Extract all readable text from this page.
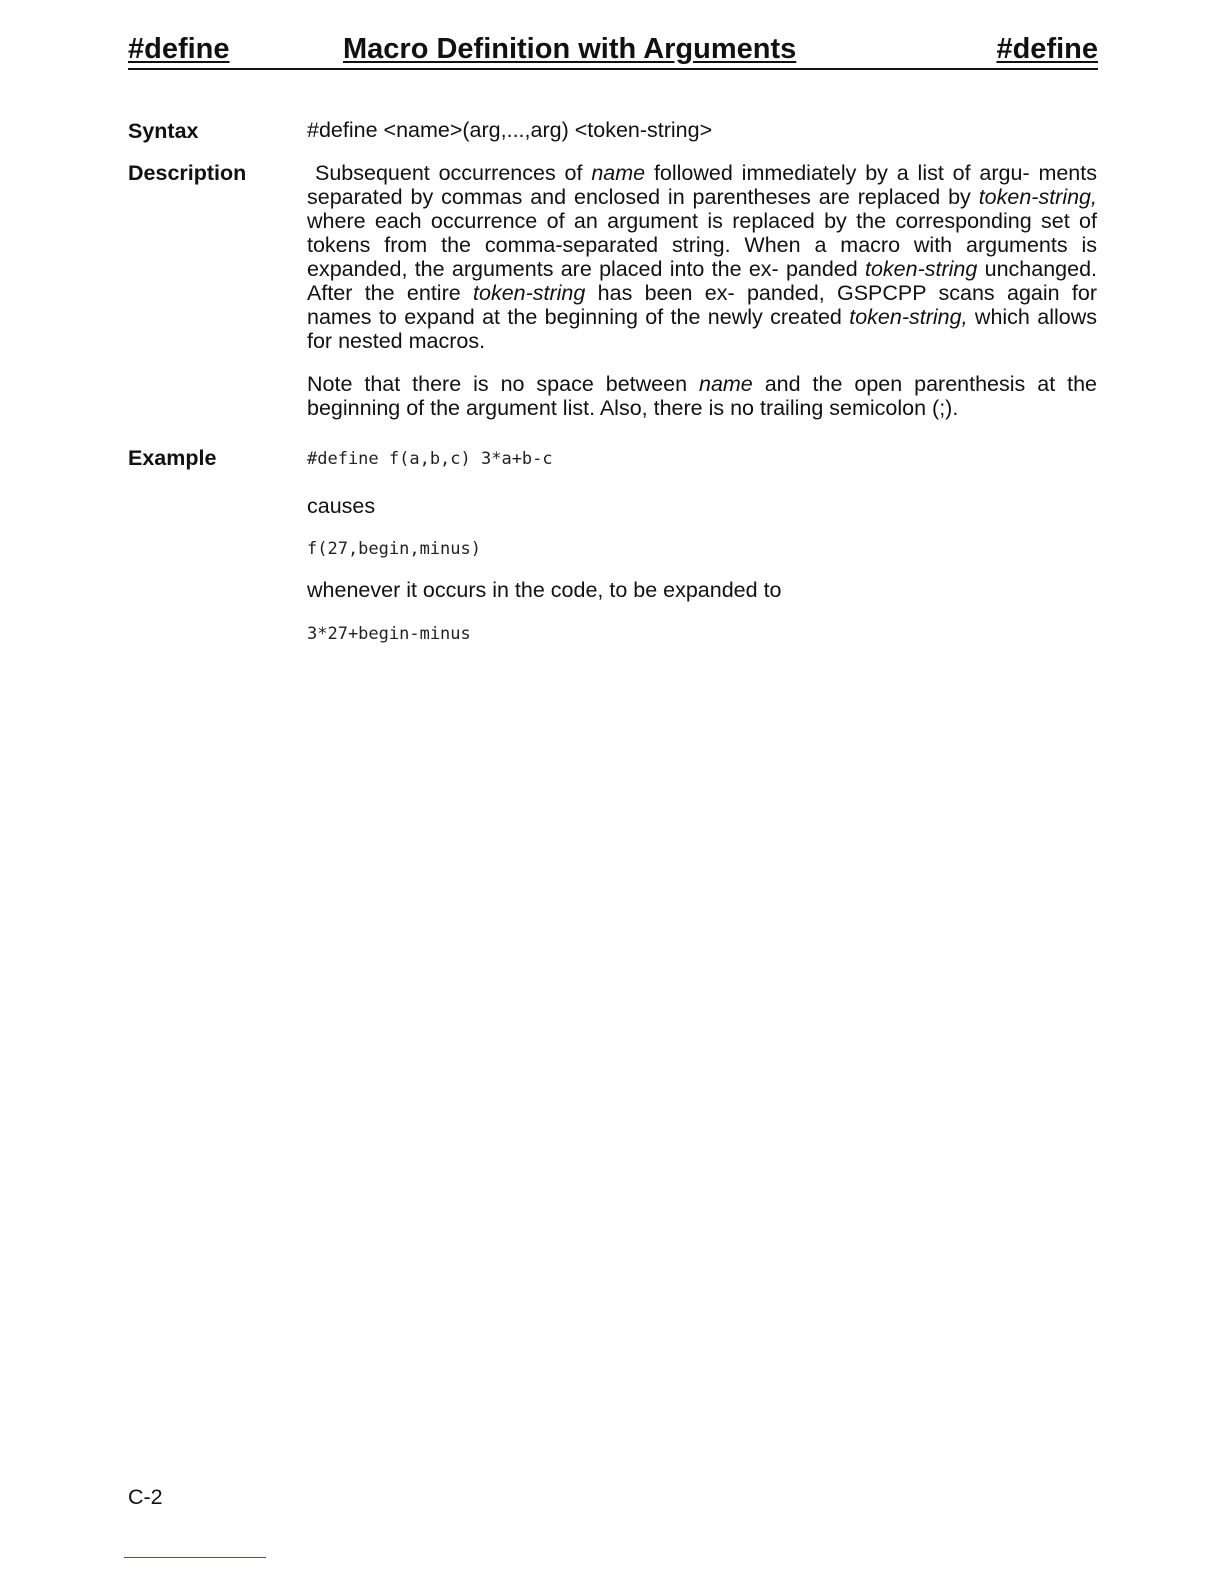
#define	Macro Definition with Arguments	#define
Syntax	#define <name>(arg,...,arg) <token-string>
Description	Subsequent occurrences of name followed immediately by a list of argu- ments separated by commas and enclosed in parentheses are replaced by token-string, where each occurrence of an argument is replaced by the corresponding set of tokens from the comma-separated string. When a macro with arguments is expanded, the arguments are placed into the ex- panded token-string unchanged. After the entire token-string has been ex- panded, GSPCPP scans again for names to expand at the beginning of the newly created token-string, which allows for nested macros.
Note that there is no space between name and the open parenthesis at the beginning of the argument list. Also, there is no trailing semicolon (;).
Example	#define f(a,b,c) 3*a+b-c
causes
f(27,begin,minus)
whenever it occurs in the code, to be expanded to
3*27+begin-minus
C-2
